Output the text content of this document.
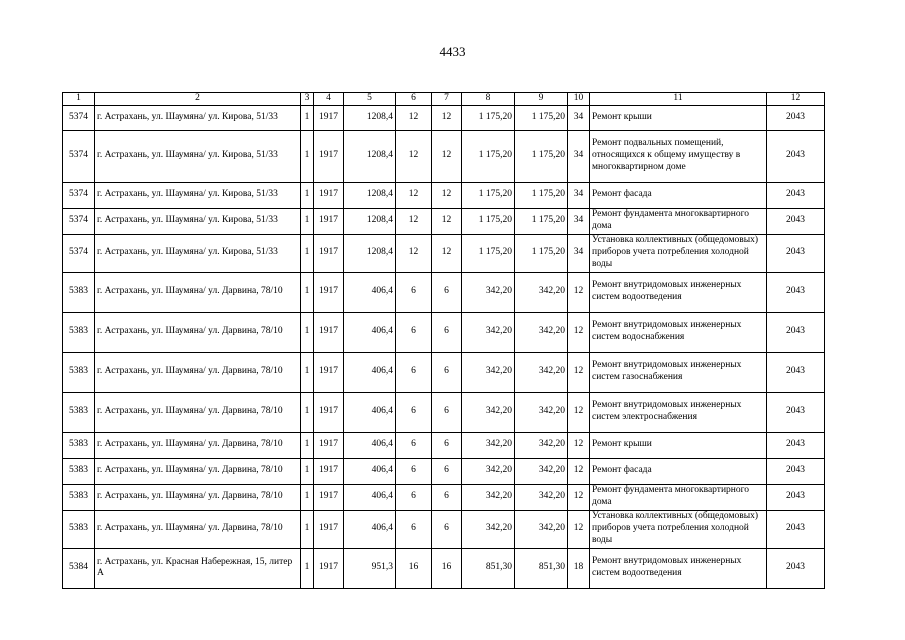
4433
1	2	3	4	5	6	7	8	9	10	11	12
5374	г. Астрахань, ул. Шаумяна/ ул. Кирова, 51/33	1	1917	1208,4	12	12	1 175,20	1 175,20	34	Ремонт крыши	2043
5374	г. Астрахань, ул. Шаумяна/ ул. Кирова, 51/33	1	1917	1208,4	12	12	1 175,20	1 175,20	34	Ремонт подвальных помещений, относящихся к общему имуществу в многоквартирном доме	2043
5374	г. Астрахань, ул. Шаумяна/ ул. Кирова, 51/33	1	1917	1208,4	12	12	1 175,20	1 175,20	34	Ремонт фасада	2043
5374	г. Астрахань, ул. Шаумяна/ ул. Кирова, 51/33	1	1917	1208,4	12	12	1 175,20	1 175,20	34	Ремонт фундамента многоквартирного дома	2043
5374	г. Астрахань, ул. Шаумяна/ ул. Кирова, 51/33	1	1917	1208,4	12	12	1 175,20	1 175,20	34	Установка коллективных (общедомовых) приборов учета потребления холодной воды	2043
5383	г. Астрахань, ул. Шаумяна/ ул. Дарвина, 78/10	1	1917	406,4	6	6	342,20	342,20	12	Ремонт внутридомовых инженерных систем водоотведения	2043
5383	г. Астрахань, ул. Шаумяна/ ул. Дарвина, 78/10	1	1917	406,4	6	6	342,20	342,20	12	Ремонт внутридомовых инженерных систем водоснабжения	2043
5383	г. Астрахань, ул. Шаумяна/ ул. Дарвина, 78/10	1	1917	406,4	6	6	342,20	342,20	12	Ремонт внутридомовых инженерных систем газоснабжения	2043
5383	г. Астрахань, ул. Шаумяна/ ул. Дарвина, 78/10	1	1917	406,4	6	6	342,20	342,20	12	Ремонт внутридомовых инженерных систем электроснабжения	2043
5383	г. Астрахань, ул. Шаумяна/ ул. Дарвина, 78/10	1	1917	406,4	6	6	342,20	342,20	12	Ремонт крыши	2043
5383	г. Астрахань, ул. Шаумяна/ ул. Дарвина, 78/10	1	1917	406,4	6	6	342,20	342,20	12	Ремонт фасада	2043
5383	г. Астрахань, ул. Шаумяна/ ул. Дарвина, 78/10	1	1917	406,4	6	6	342,20	342,20	12	Ремонт фундамента многоквартирного дома	2043
5383	г. Астрахань, ул. Шаумяна/ ул. Дарвина, 78/10	1	1917	406,4	6	6	342,20	342,20	12	Установка коллективных (общедомовых) приборов учета потребления холодной воды	2043
5384	г. Астрахань, ул. Красная Набережная, 15, литер А	1	1917	951,3	16	16	851,30	851,30	18	Ремонт внутридомовых инженерных систем водоотведения	2043
